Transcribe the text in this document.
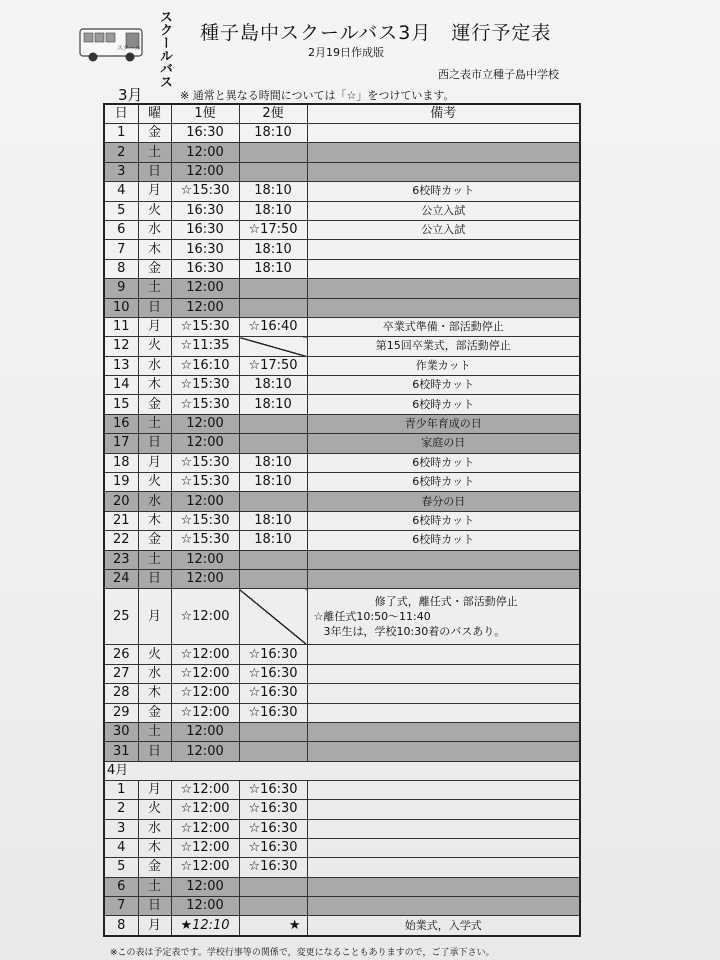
スクール スクールバス 種子島中スクールバス3月　運行予定表
2月19日作成版
西之表市立種子島中学校
3月	※ 通常と異なる時間については「☆」をつけています。
日	曜	1便	2便	備考
1	金	16:30	18:10	
2	土	12:00		
3	日	12:00		
4	月	☆15:30	18:10	6校時カット
5	火	16:30	18:10	公立入試
6	水	16:30	☆17:50	公立入試
7	木	16:30	18:10	
8	金	16:30	18:10	
9	土	12:00		
10	日	12:00		
11	月	☆15:30	☆16:40	卒業式準備・部活動停止
12	火	☆11:35		第15回卒業式，部活動停止
13	水	☆16:10	☆17:50	作業カット
14	木	☆15:30	18:10	6校時カット
15	金	☆15:30	18:10	6校時カット
16	土	12:00		青少年育成の日
17	日	12:00		家庭の日
18	月	☆15:30	18:10	6校時カット
19	火	☆15:30	18:10	6校時カット
20	水	12:00		春分の日
21	木	☆15:30	18:10	6校時カット
22	金	☆15:30	18:10	6校時カット
23	土	12:00		
24	日	12:00		
25	月	☆12:00		修了式，離任式・部活動停止
☆離任式10:50～11:40
3年生は，学校10:30着のバスあり。

26	火	☆12:00	☆16:30	
27	水	☆12:00	☆16:30	
28	木	☆12:00	☆16:30	
29	金	☆12:00	☆16:30	
30	土	12:00		
31	日	12:00		
4月				
1	月	☆12:00	☆16:30	
2	火	☆12:00	☆16:30	
3	水	☆12:00	☆16:30	
4	木	☆12:00	☆16:30	
5	金	☆12:00	☆16:30	
6	土	12:00		
7	日	12:00		
8	月	★12:10	★	始業式，入学式
※この表は予定表です。学校行事等の関係で，変更になることもありますので，ご了承下さい。
